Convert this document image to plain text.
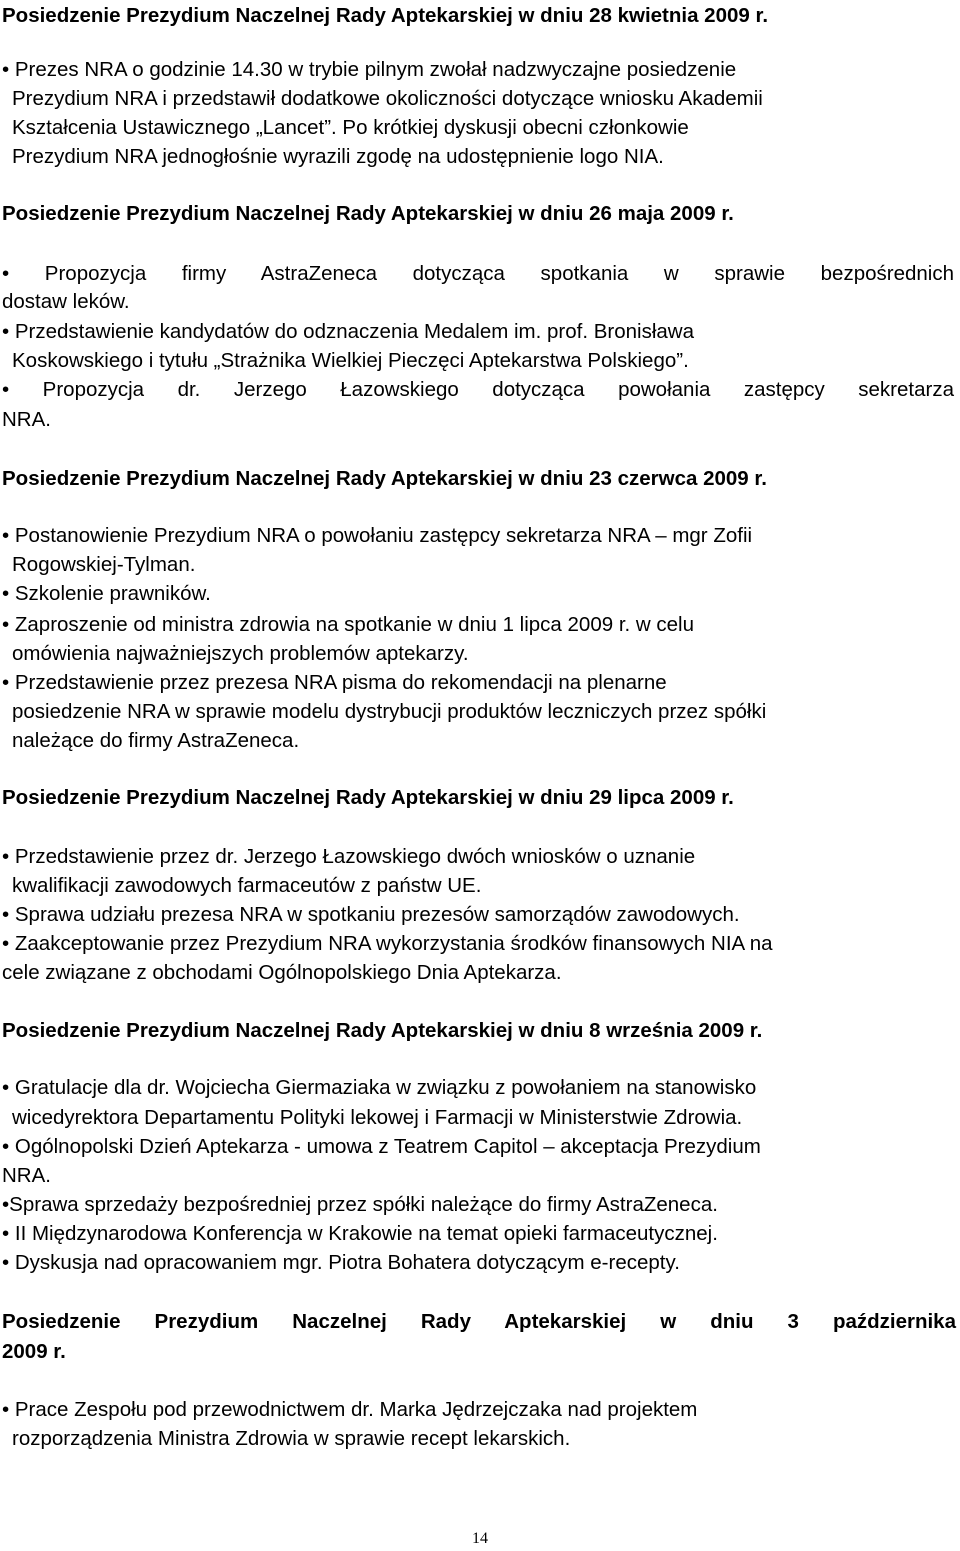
Posiedzenie Prezydium Naczelnej Rady Aptekarskiej w dniu 28 kwietnia 2009 r.

• Prezes NRA o godzinie 14.30 w trybie pilnym zwołał nadzwyczajne posiedzenie

Prezydium NRA i przedstawił dodatkowe okoliczności dotyczące wniosku Akademii

Kształcenia Ustawicznego „Lancet”. Po krótkiej dyskusji obecni członkowie

Prezydium NRA jednogłośnie wyrazili zgodę na udostępnienie logo NIA.

Posiedzenie Prezydium Naczelnej Rady Aptekarskiej w dniu 26 maja 2009 r.

• Propozycja firmy AstraZeneca dotycząca spotkania w sprawie bezpośrednich

dostaw leków.

• Przedstawienie kandydatów do odznaczenia Medalem im. prof. Bronisława

Koskowskiego i tytułu „Strażnika Wielkiej Pieczęci Aptekarstwa Polskiego”.

• Propozycja dr. Jerzego Łazowskiego dotycząca powołania zastępcy sekretarza

NRA.

Posiedzenie Prezydium Naczelnej Rady Aptekarskiej w dniu 23 czerwca 2009 r.

• Postanowienie Prezydium NRA o powołaniu zastępcy sekretarza NRA – mgr Zofii

Rogowskiej-Tylman.

• Szkolenie prawników.

• Zaproszenie od ministra zdrowia na spotkanie w dniu 1 lipca 2009 r. w celu

omówienia najważniejszych problemów aptekarzy.

• Przedstawienie przez prezesa NRA pisma do rekomendacji na plenarne

posiedzenie NRA w sprawie modelu dystrybucji produktów leczniczych przez spółki

należące do firmy AstraZeneca.

Posiedzenie Prezydium Naczelnej Rady Aptekarskiej w dniu 29 lipca 2009 r.

• Przedstawienie przez dr. Jerzego Łazowskiego dwóch wniosków o uznanie

kwalifikacji zawodowych farmaceutów z państw UE.

• Sprawa udziału prezesa NRA w spotkaniu prezesów samorządów zawodowych.

• Zaakceptowanie przez Prezydium NRA wykorzystania środków finansowych NIA na

cele związane z obchodami Ogólnopolskiego Dnia Aptekarza.

Posiedzenie Prezydium Naczelnej Rady Aptekarskiej w dniu 8 września 2009 r.

• Gratulacje dla dr. Wojciecha Giermaziaka w związku z powołaniem na stanowisko

wicedyrektora Departamentu Polityki lekowej i Farmacji w Ministerstwie Zdrowia.

• Ogólnopolski Dzień Aptekarza - umowa z Teatrem Capitol – akceptacja Prezydium

NRA.

•Sprawa sprzedaży bezpośredniej przez spółki należące do firmy AstraZeneca.

• II Międzynarodowa Konferencja w Krakowie na temat opieki farmaceutycznej.

• Dyskusja nad opracowaniem mgr. Piotra Bohatera dotyczącym e-recepty.

Posiedzenie Prezydium Naczelnej Rady Aptekarskiej w dniu 3 października

2009 r.

• Prace Zespołu pod przewodnictwem dr. Marka Jędrzejczaka nad projektem

rozporządzenia Ministra Zdrowia w sprawie recept lekarskich.

14
